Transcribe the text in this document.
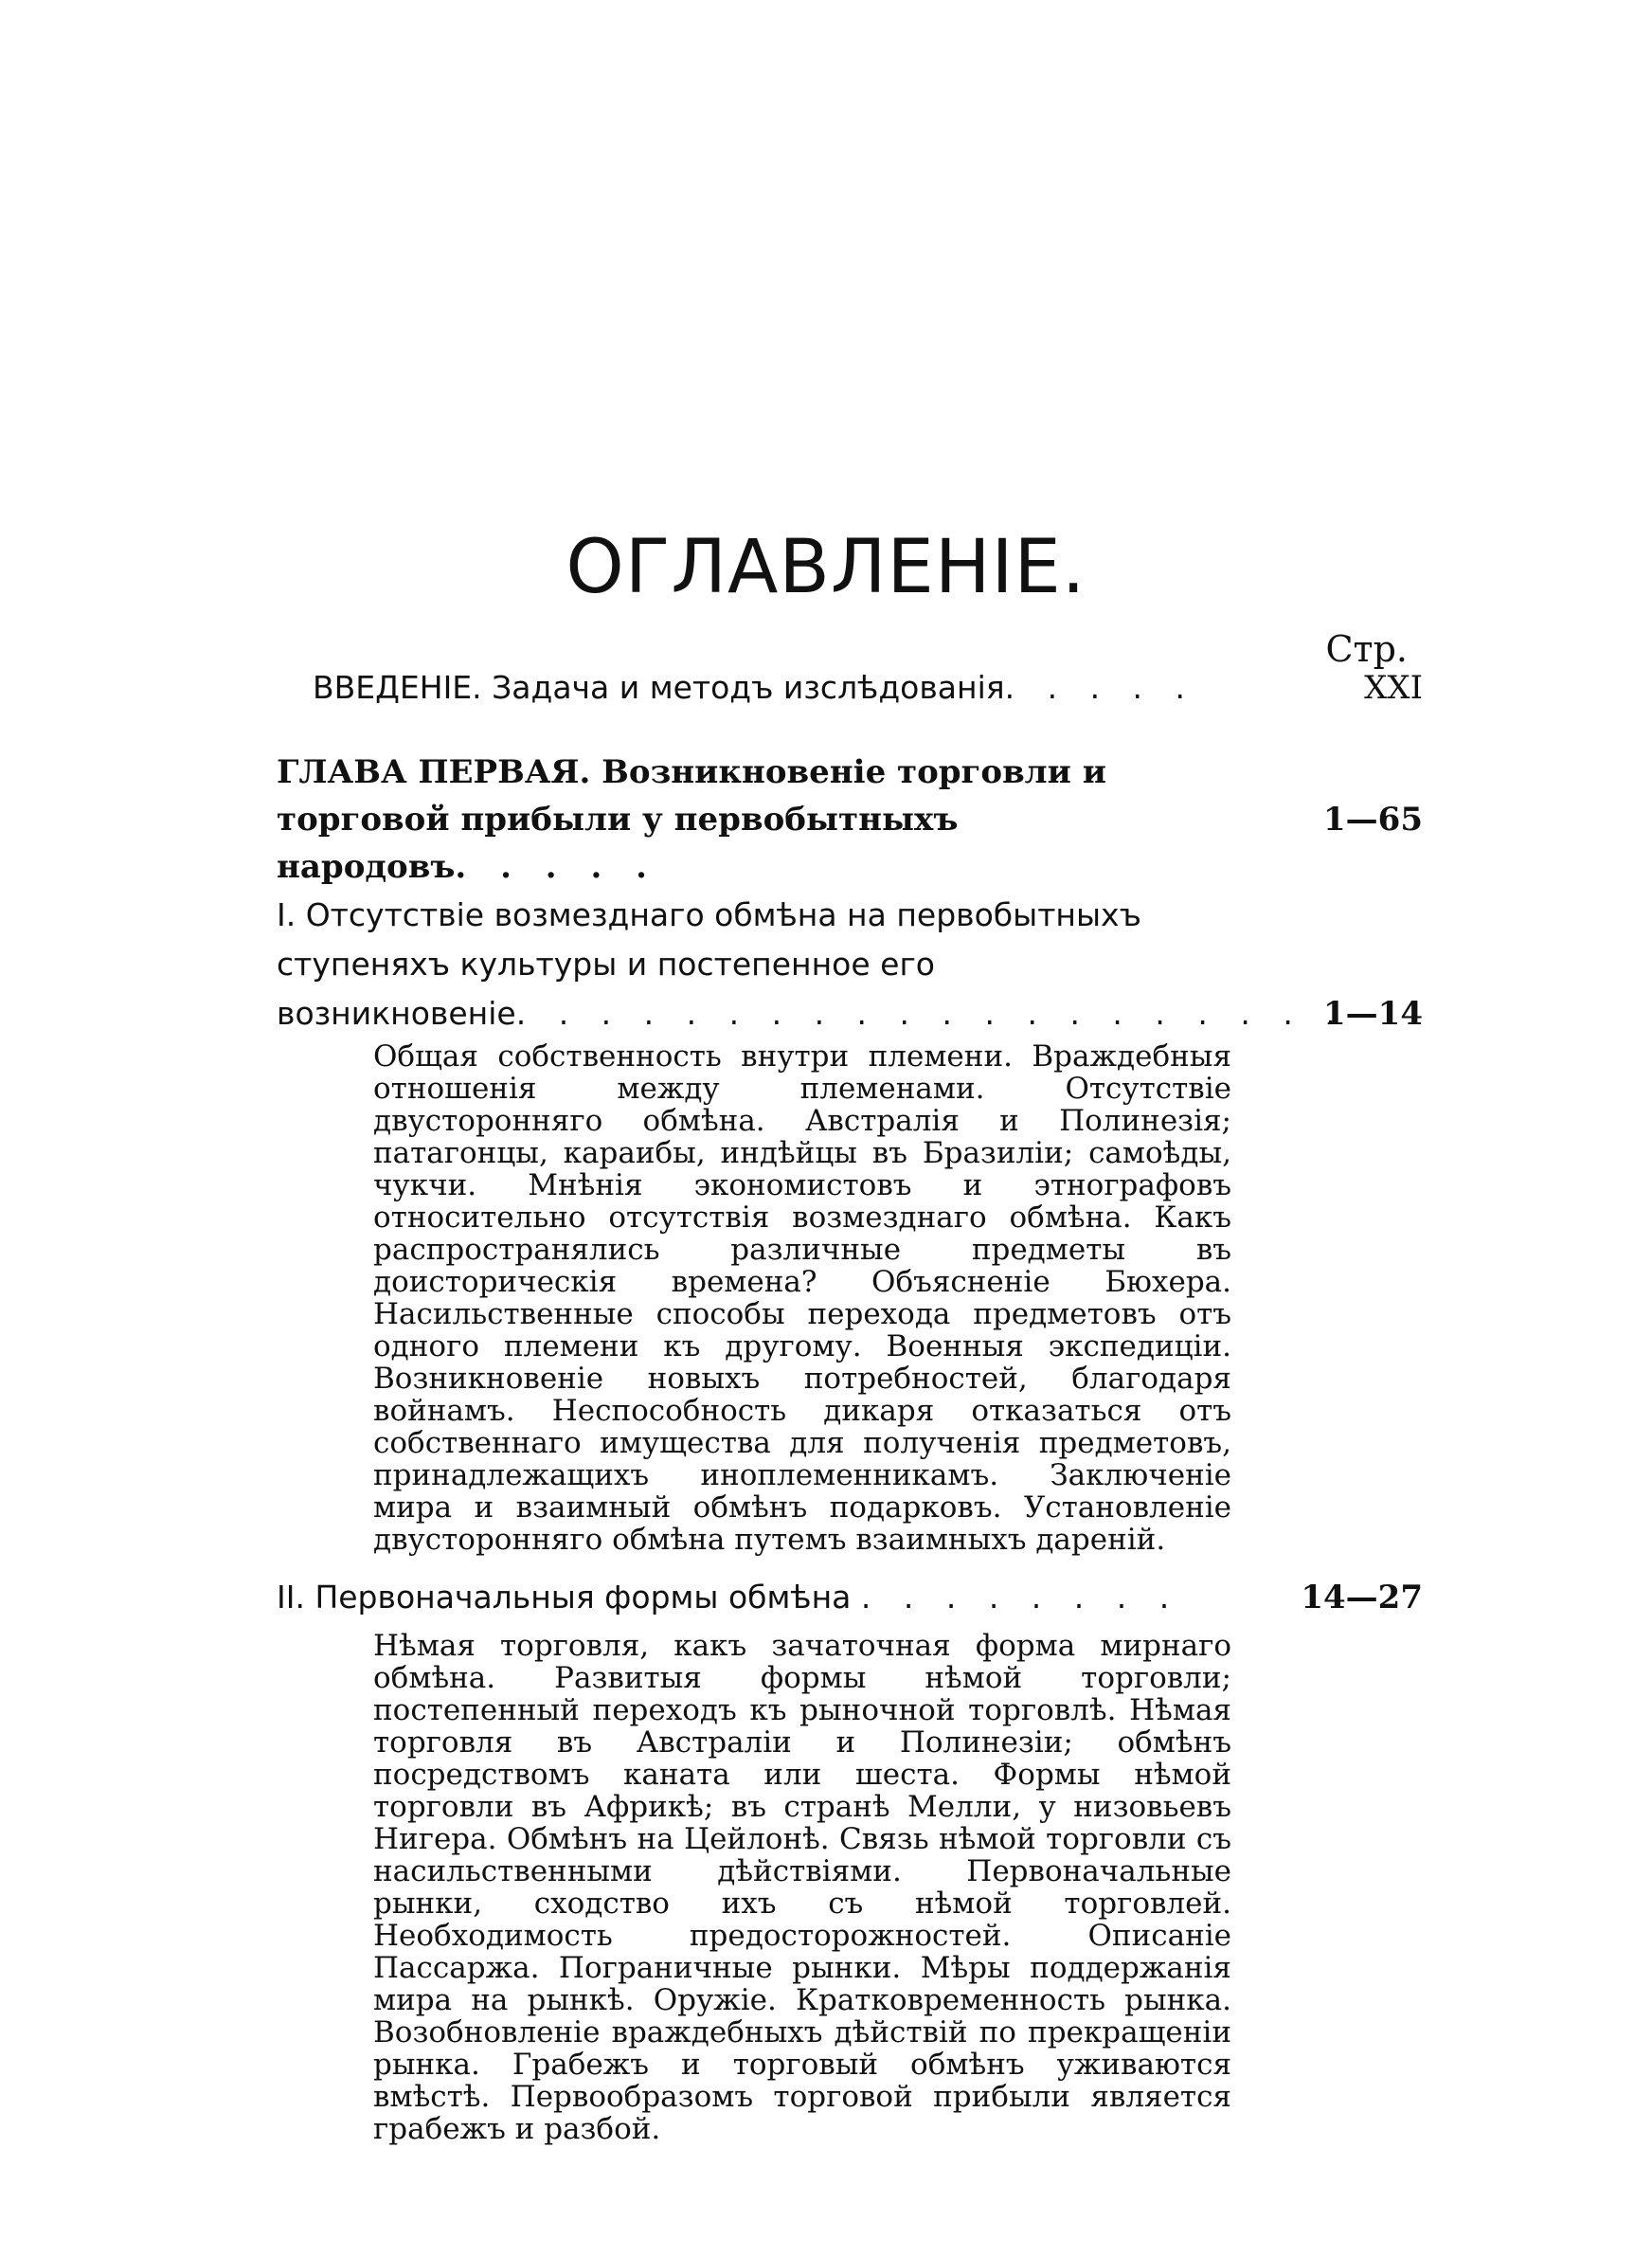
ОГЛАВЛЕНІЕ.
Стр.
ВВЕДЕНІЕ. Задача и методъ изслѣдованія. . . . .	XXI
ГЛАВА ПЕРВАЯ. Возникновеніе торговли и торговой прибыли у первобытныхъ народовъ. . . . .
1—65
I. Отсутствіе возмезднаго обмѣна на первобытныхъ ступеняхъ культуры и постепенное его возникновеніе. . . . . . . . . . . . . . . . . . . .
1—14
Общая собственность внутри племени. Враждебныя отношенія между племенами. Отсутствіе двусторонняго обмѣна. Австралія и Полинезія; патагонцы, караибы, индѣйцы въ Бразиліи; самоѣды, чукчи. Мнѣнія экономистовъ и этнографовъ относительно отсутствія возмезднаго обмѣна. Какъ распространялись различные предметы въ доисторическія времена? Объясненіе Бюхера. Насильственные способы перехода предметовъ отъ одного племени къ другому. Военныя экспедиціи. Возникновеніе новыхъ потребностей, благодаря войнамъ. Неспособность дикаря отказаться отъ собственнаго имущества для полученія предметовъ, принадлежащихъ иноплеменникамъ. Заключеніе мира и взаимный обмѣнъ подарковъ. Установленіе двусторонняго обмѣна путемъ взаимныхъ дареній.
II. Первоначальныя формы обмѣна . . . . . . . .	14—27
Нѣмая торговля, какъ зачаточная форма мирнаго обмѣна. Развитыя формы нѣмой торговли; постепенный переходъ къ рыночной торговлѣ. Нѣмая торговля въ Австраліи и Полинезіи; обмѣнъ посредствомъ каната или шеста. Формы нѣмой торговли въ Африкѣ; въ странѣ Мелли, у низовьевъ Нигера. Обмѣнъ на Цейлонѣ. Связь нѣмой торговли съ насильственными дѣйствіями. Первоначальные рынки, сходство ихъ съ нѣмой торговлей. Необходимость предосторожностей. Описаніе Пассаржа. Пограничные рынки. Мѣры поддержанія мира на рынкѣ. Оружіе. Кратковременность рынка. Возобновленіе враждебныхъ дѣйствій по прекращеніи рынка. Грабежъ и торговый обмѣнъ уживаются вмѣстѣ. Первообразомъ торговой прибыли является грабежъ и разбой.
